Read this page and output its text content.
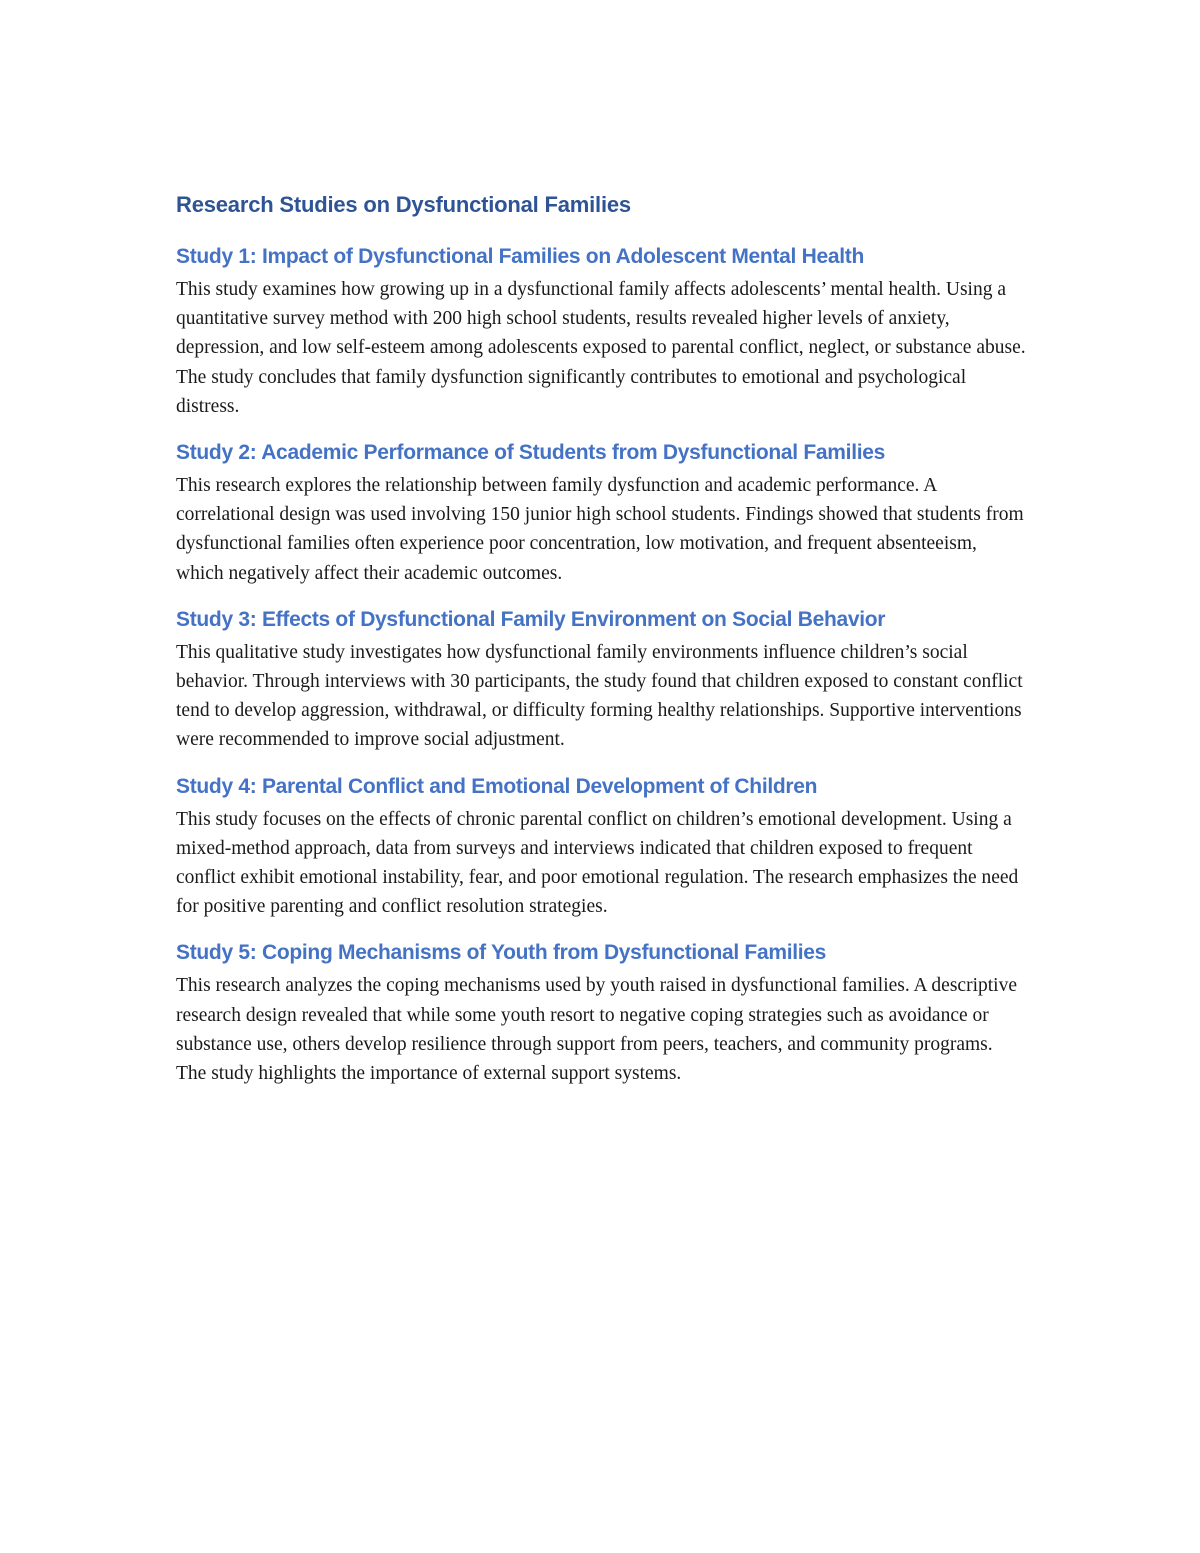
Research Studies on Dysfunctional Families
Study 1: Impact of Dysfunctional Families on Adolescent Mental Health

This study examines how growing up in a dysfunctional family affects adolescents’ mental health. Using a quantitative survey method with 200 high school students, results revealed higher levels of anxiety, depression, and low self-esteem among adolescents exposed to parental conflict, neglect, or substance abuse. The study concludes that family dysfunction significantly contributes to emotional and psychological distress.

Study 2: Academic Performance of Students from Dysfunctional Families

This research explores the relationship between family dysfunction and academic performance. A correlational design was used involving 150 junior high school students. Findings showed that students from dysfunctional families often experience poor concentration, low motivation, and frequent absenteeism, which negatively affect their academic outcomes.

Study 3: Effects of Dysfunctional Family Environment on Social Behavior

This qualitative study investigates how dysfunctional family environments influence children’s social behavior. Through interviews with 30 participants, the study found that children exposed to constant conflict tend to develop aggression, withdrawal, or difficulty forming healthy relationships. Supportive interventions were recommended to improve social adjustment.

Study 4: Parental Conflict and Emotional Development of Children

This study focuses on the effects of chronic parental conflict on children’s emotional development. Using a mixed-method approach, data from surveys and interviews indicated that children exposed to frequent conflict exhibit emotional instability, fear, and poor emotional regulation. The research emphasizes the need for positive parenting and conflict resolution strategies.

Study 5: Coping Mechanisms of Youth from Dysfunctional Families

This research analyzes the coping mechanisms used by youth raised in dysfunctional families. A descriptive research design revealed that while some youth resort to negative coping strategies such as avoidance or substance use, others develop resilience through support from peers, teachers, and community programs. The study highlights the importance of external support systems.
